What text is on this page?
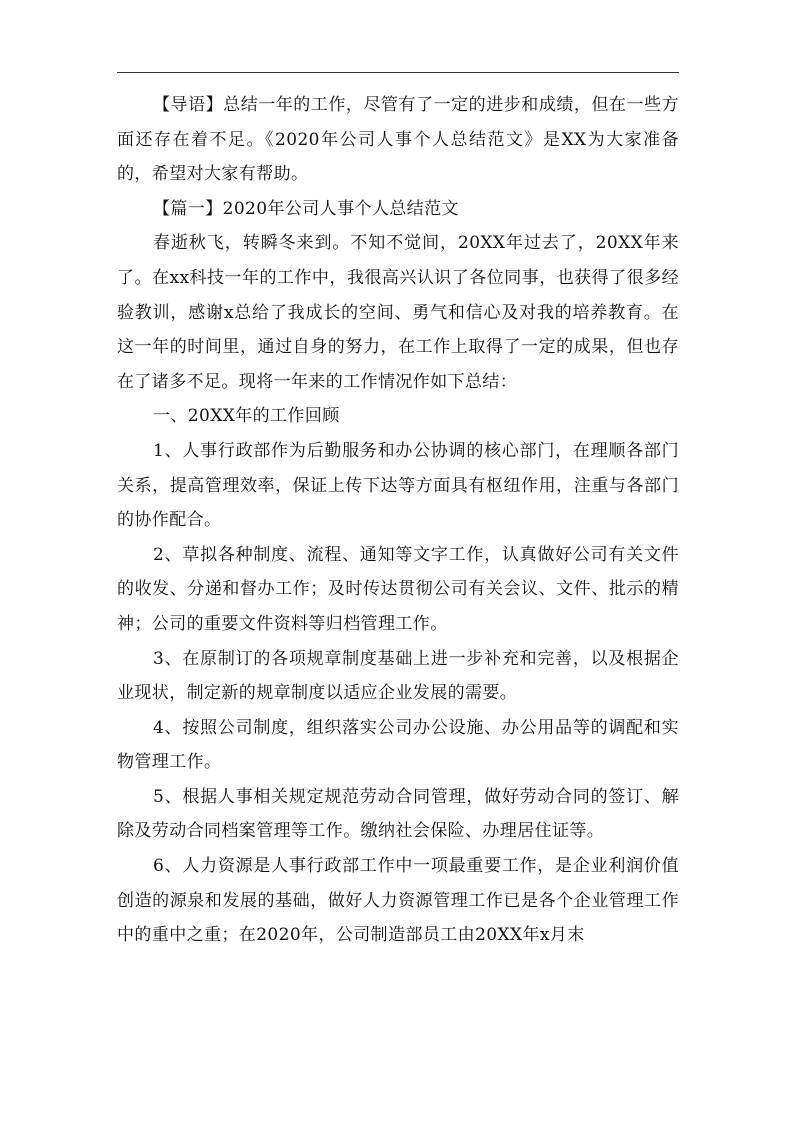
【导语】总结一年的工作，尽管有了一定的进步和成绩，但在一些方面还存在着不足。《2020年公司人事个人总结范文》是XX为大家准备的，希望对大家有帮助。

【篇一】2020年公司人事个人总结范文

春逝秋飞，转瞬冬来到。不知不觉间，20XX年过去了，20XX年来了。在xx科技一年的工作中，我很高兴认识了各位同事，也获得了很多经验教训，感谢x总给了我成长的空间、勇气和信心及对我的培养教育。在这一年的时间里，通过自身的努力，在工作上取得了一定的成果，但也存在了诸多不足。现将一年来的工作情况作如下总结：

一、20XX年的工作回顾

1、人事行政部作为后勤服务和办公协调的核心部门，在理顺各部门关系，提高管理效率，保证上传下达等方面具有枢纽作用，注重与各部门的协作配合。

2、草拟各种制度、流程、通知等文字工作，认真做好公司有关文件的收发、分递和督办工作；及时传达贯彻公司有关会议、文件、批示的精神；公司的重要文件资料等归档管理工作。

3、在原制订的各项规章制度基础上进一步补充和完善，以及根据企业现状，制定新的规章制度以适应企业发展的需要。

4、按照公司制度，组织落实公司办公设施、办公用品等的调配和实物管理工作。

5、根据人事相关规定规范劳动合同管理，做好劳动合同的签订、解除及劳动合同档案管理等工作。缴纳社会保险、办理居住证等。

6、人力资源是人事行政部工作中一项最重要工作，是企业利润价值创造的源泉和发展的基础，做好人力资源管理工作已是各个企业管理工作中的重中之重；在2020年，公司制造部员工由20XX年x月末
